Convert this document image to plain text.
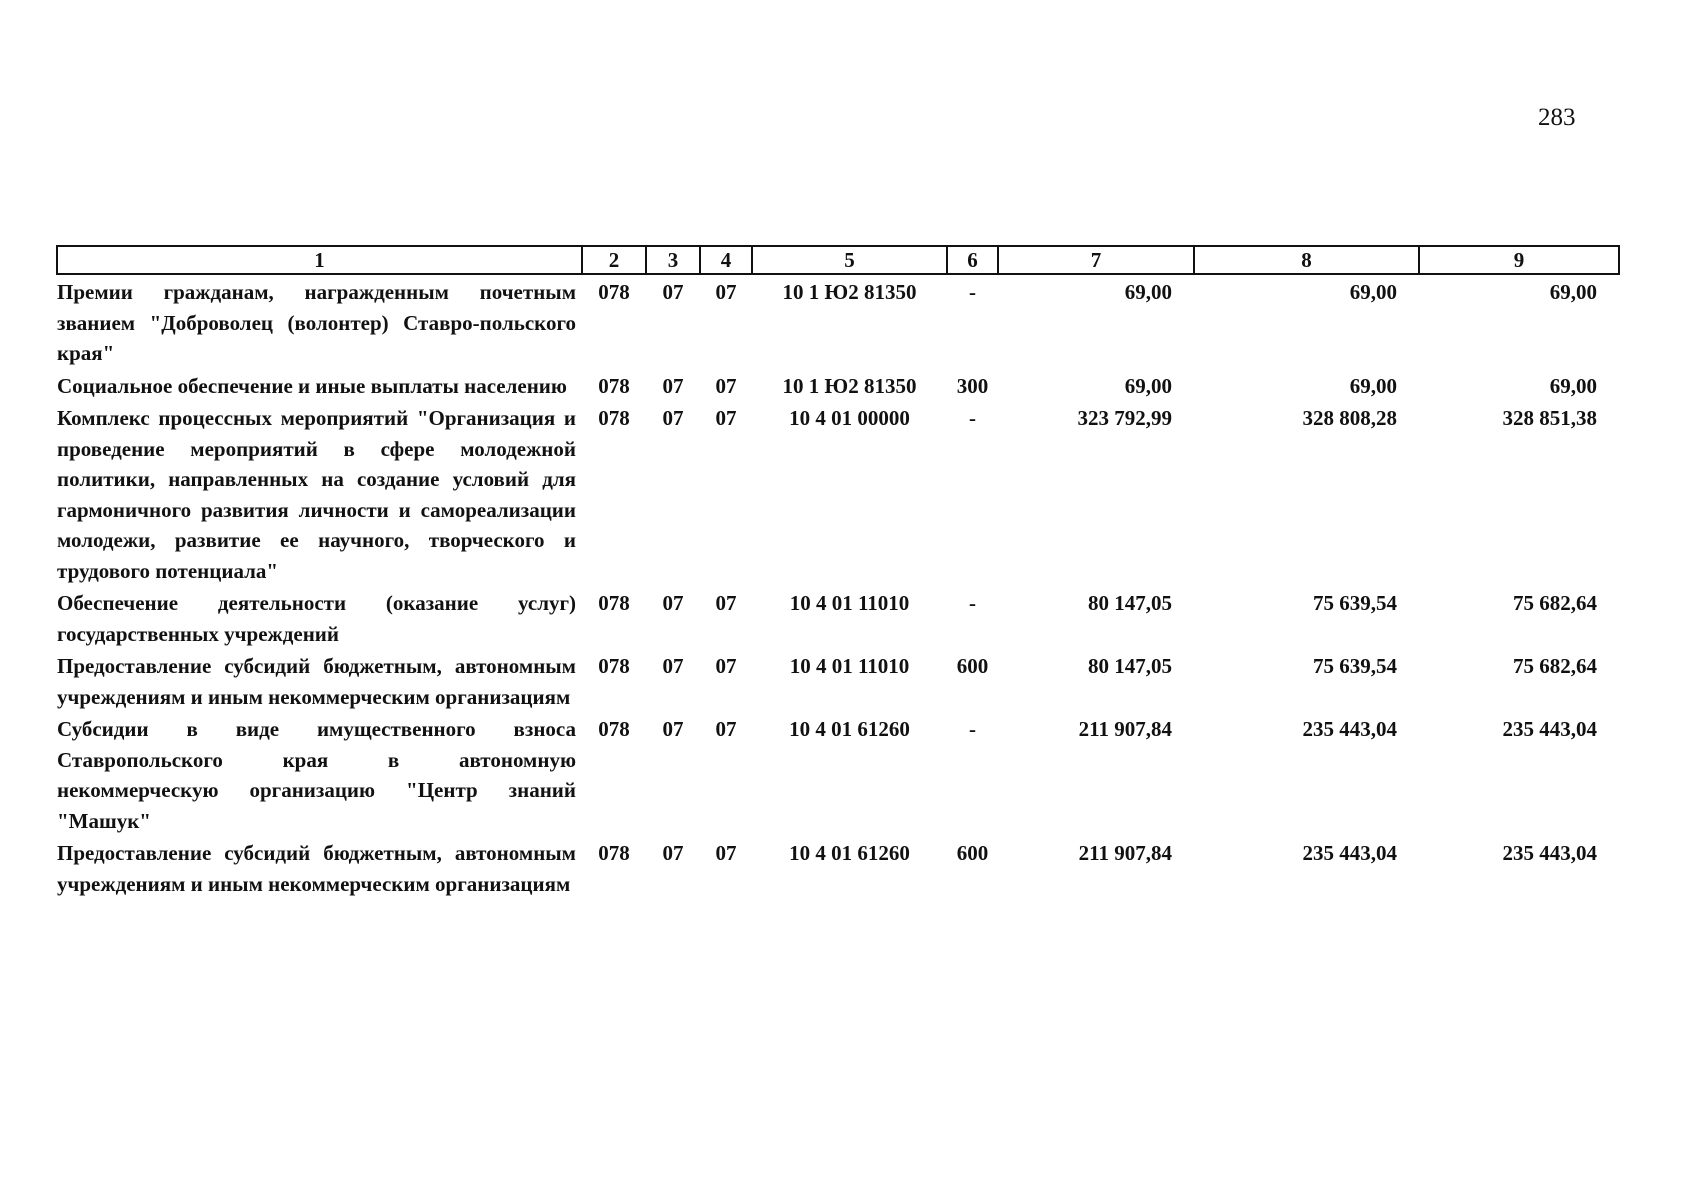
283
1	2	3	4	5	6	7	8	9
Премии гражданам, награжденным почетным званием "Доброволец (волонтер) Ставро-польского края"	078	07	07	10 1 Ю2 81350	-	69,00	69,00	69,00
Социальное обеспечение и иные выплаты населению	078	07	07	10 1 Ю2 81350	300	69,00	69,00	69,00
Комплекс процессных мероприятий "Организация и проведение мероприятий в сфере молодежной политики, направленных на создание условий для гармоничного развития личности и самореализации молодежи, развитие ее научного, творческого и трудового потенциала"	078	07	07	10 4 01 00000	-	323 792,99	328 808,28	328 851,38
Обеспечение деятельности (оказание услуг) государственных учреждений	078	07	07	10 4 01 11010	-	80 147,05	75 639,54	75 682,64
Предоставление субсидий бюджетным, автономным учреждениям и иным некоммерческим организациям	078	07	07	10 4 01 11010	600	80 147,05	75 639,54	75 682,64
Субсидии в виде имущественного взноса Ставропольского края в автономную некоммерческую организацию "Центр знаний "Машук"	078	07	07	10 4 01 61260	-	211 907,84	235 443,04	235 443,04
Предоставление субсидий бюджетным, автономным учреждениям и иным некоммерческим организациям	078	07	07	10 4 01 61260	600	211 907,84	235 443,04	235 443,04
